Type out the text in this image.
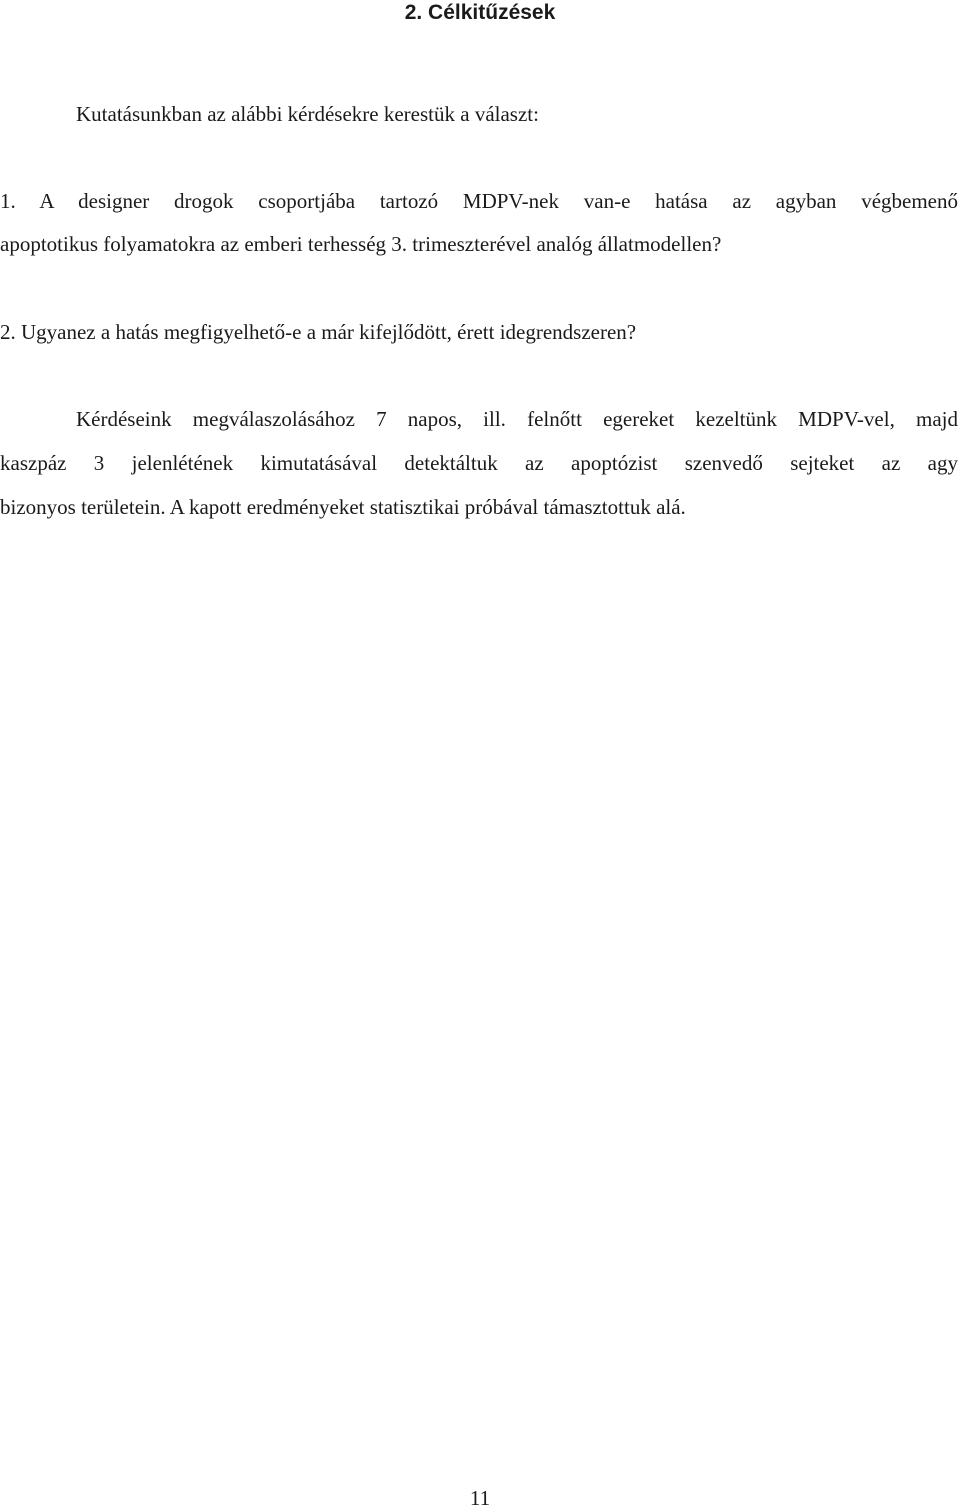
2. Célkitűzések
Kutatásunkban az alábbi kérdésekre kerestük a választ:
1. A designer drogok csoportjába tartozó MDPV-nek van-e hatása az agyban végbemenő
apoptotikus folyamatokra az emberi terhesség 3. trimeszterével analóg állatmodellen?
2. Ugyanez a hatás megfigyelhető-e a már kifejlődött, érett idegrendszeren?
Kérdéseink megválaszolásához 7 napos, ill. felnőtt egereket kezeltünk MDPV-vel, majd
kaszpáz 3 jelenlétének kimutatásával detektáltuk az apoptózist szenvedő sejteket az agy
bizonyos területein. A kapott eredményeket statisztikai próbával támasztottuk alá.
11
